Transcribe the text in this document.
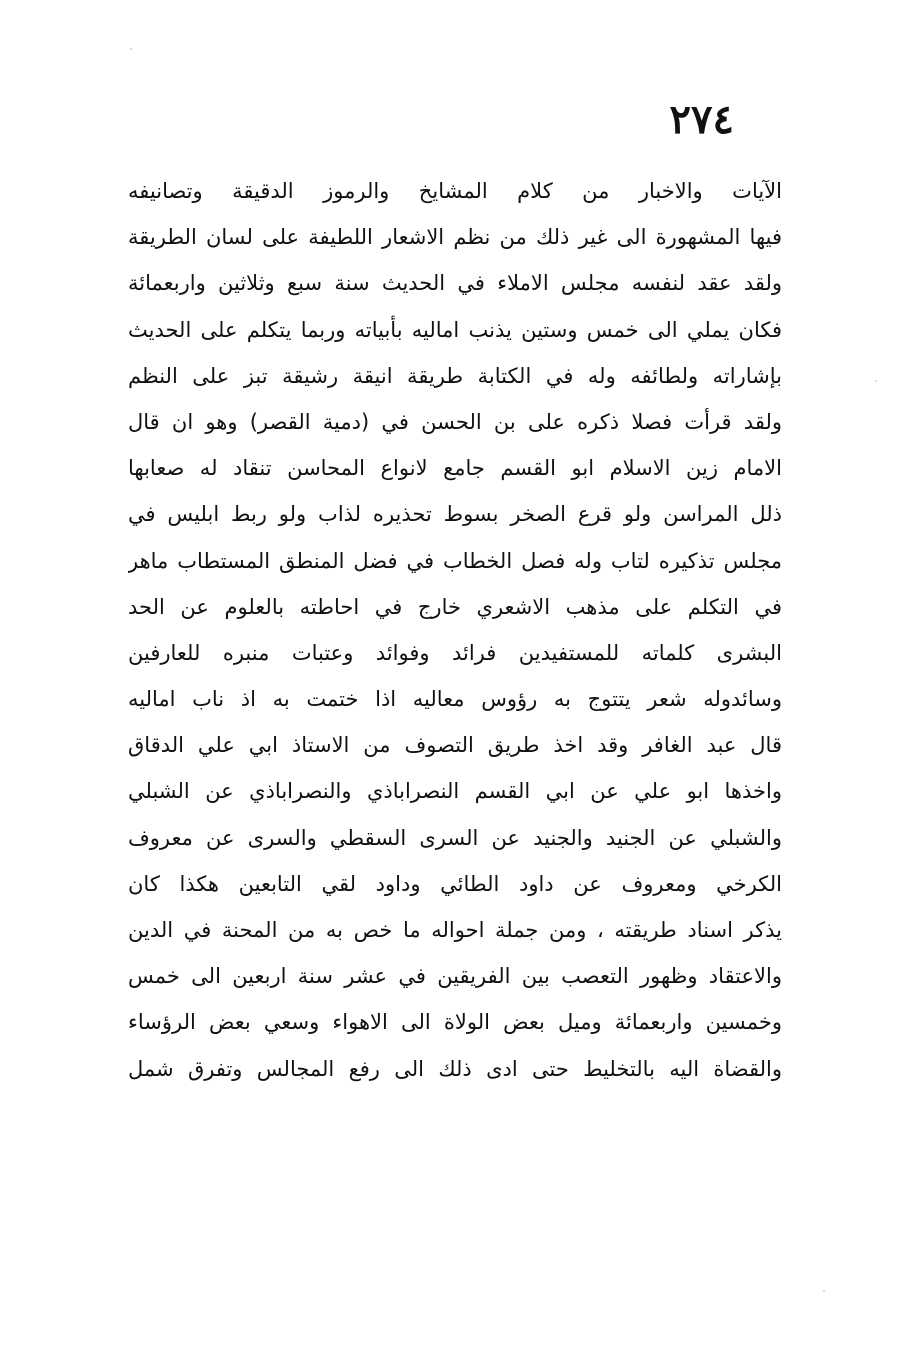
٢٧٤
الآيات والاخبار من كلام المشايخ والرموز الدقيقة وتصانيفه
فيها المشهورة الى غير ذلك من نظم الاشعار اللطيفة على لسان الطريقة
ولقد عقد لنفسه مجلس الاملاء في الحديث سنة سبع وثلاثين واربعمائة
فكان يملي الى خمس وستين يذنب اماليه بأبياته وربما يتكلم على الحديث
بإشاراته ولطائفه وله في الكتابة طريقة انيقة رشيقة تبز على النظم
ولقد قرأت فصلا ذكره على بن الحسن في (دمية القصر) وهو ان قال
الامام زين الاسلام ابو القسم جامع لانواع المحاسن تنقاد له صعابها
ذلل المراسن ولو قرع الصخر بسوط تحذيره لذاب ولو ربط ابليس في
مجلس تذكيره لتاب وله فصل الخطاب في فضل المنطق المستطاب ماهر
في التكلم على مذهب الاشعري خارج في احاطته بالعلوم عن الحد
البشرى كلماته للمستفيدين فرائد وفوائد وعتبات منبره للعارفين
وسائدوله شعر يتتوج به رؤوس معاليه اذا ختمت به اذ ناب اماليه
قال عبد الغافر وقد اخذ طريق التصوف من الاستاذ ابي علي الدقاق
واخذها ابو علي عن ابي القسم النصراباذي والنصراباذي عن الشبلي
والشبلي عن الجنيد والجنيد عن السرى السقطي والسرى عن معروف
الكرخي ومعروف عن داود الطائي وداود لقي التابعين هكذا كان
يذكر اسناد طريقته ، ومن جملة احواله ما خص به من المحنة في الدين
والاعتقاد وظهور التعصب بين الفريقين في عشر سنة اربعين الى خمس
وخمسين واربعمائة وميل بعض الولاة الى الاهواء وسعي بعض الرؤساء
والقضاة اليه بالتخليط حتى ادى ذلك الى رفع المجالس وتفرق شمل
